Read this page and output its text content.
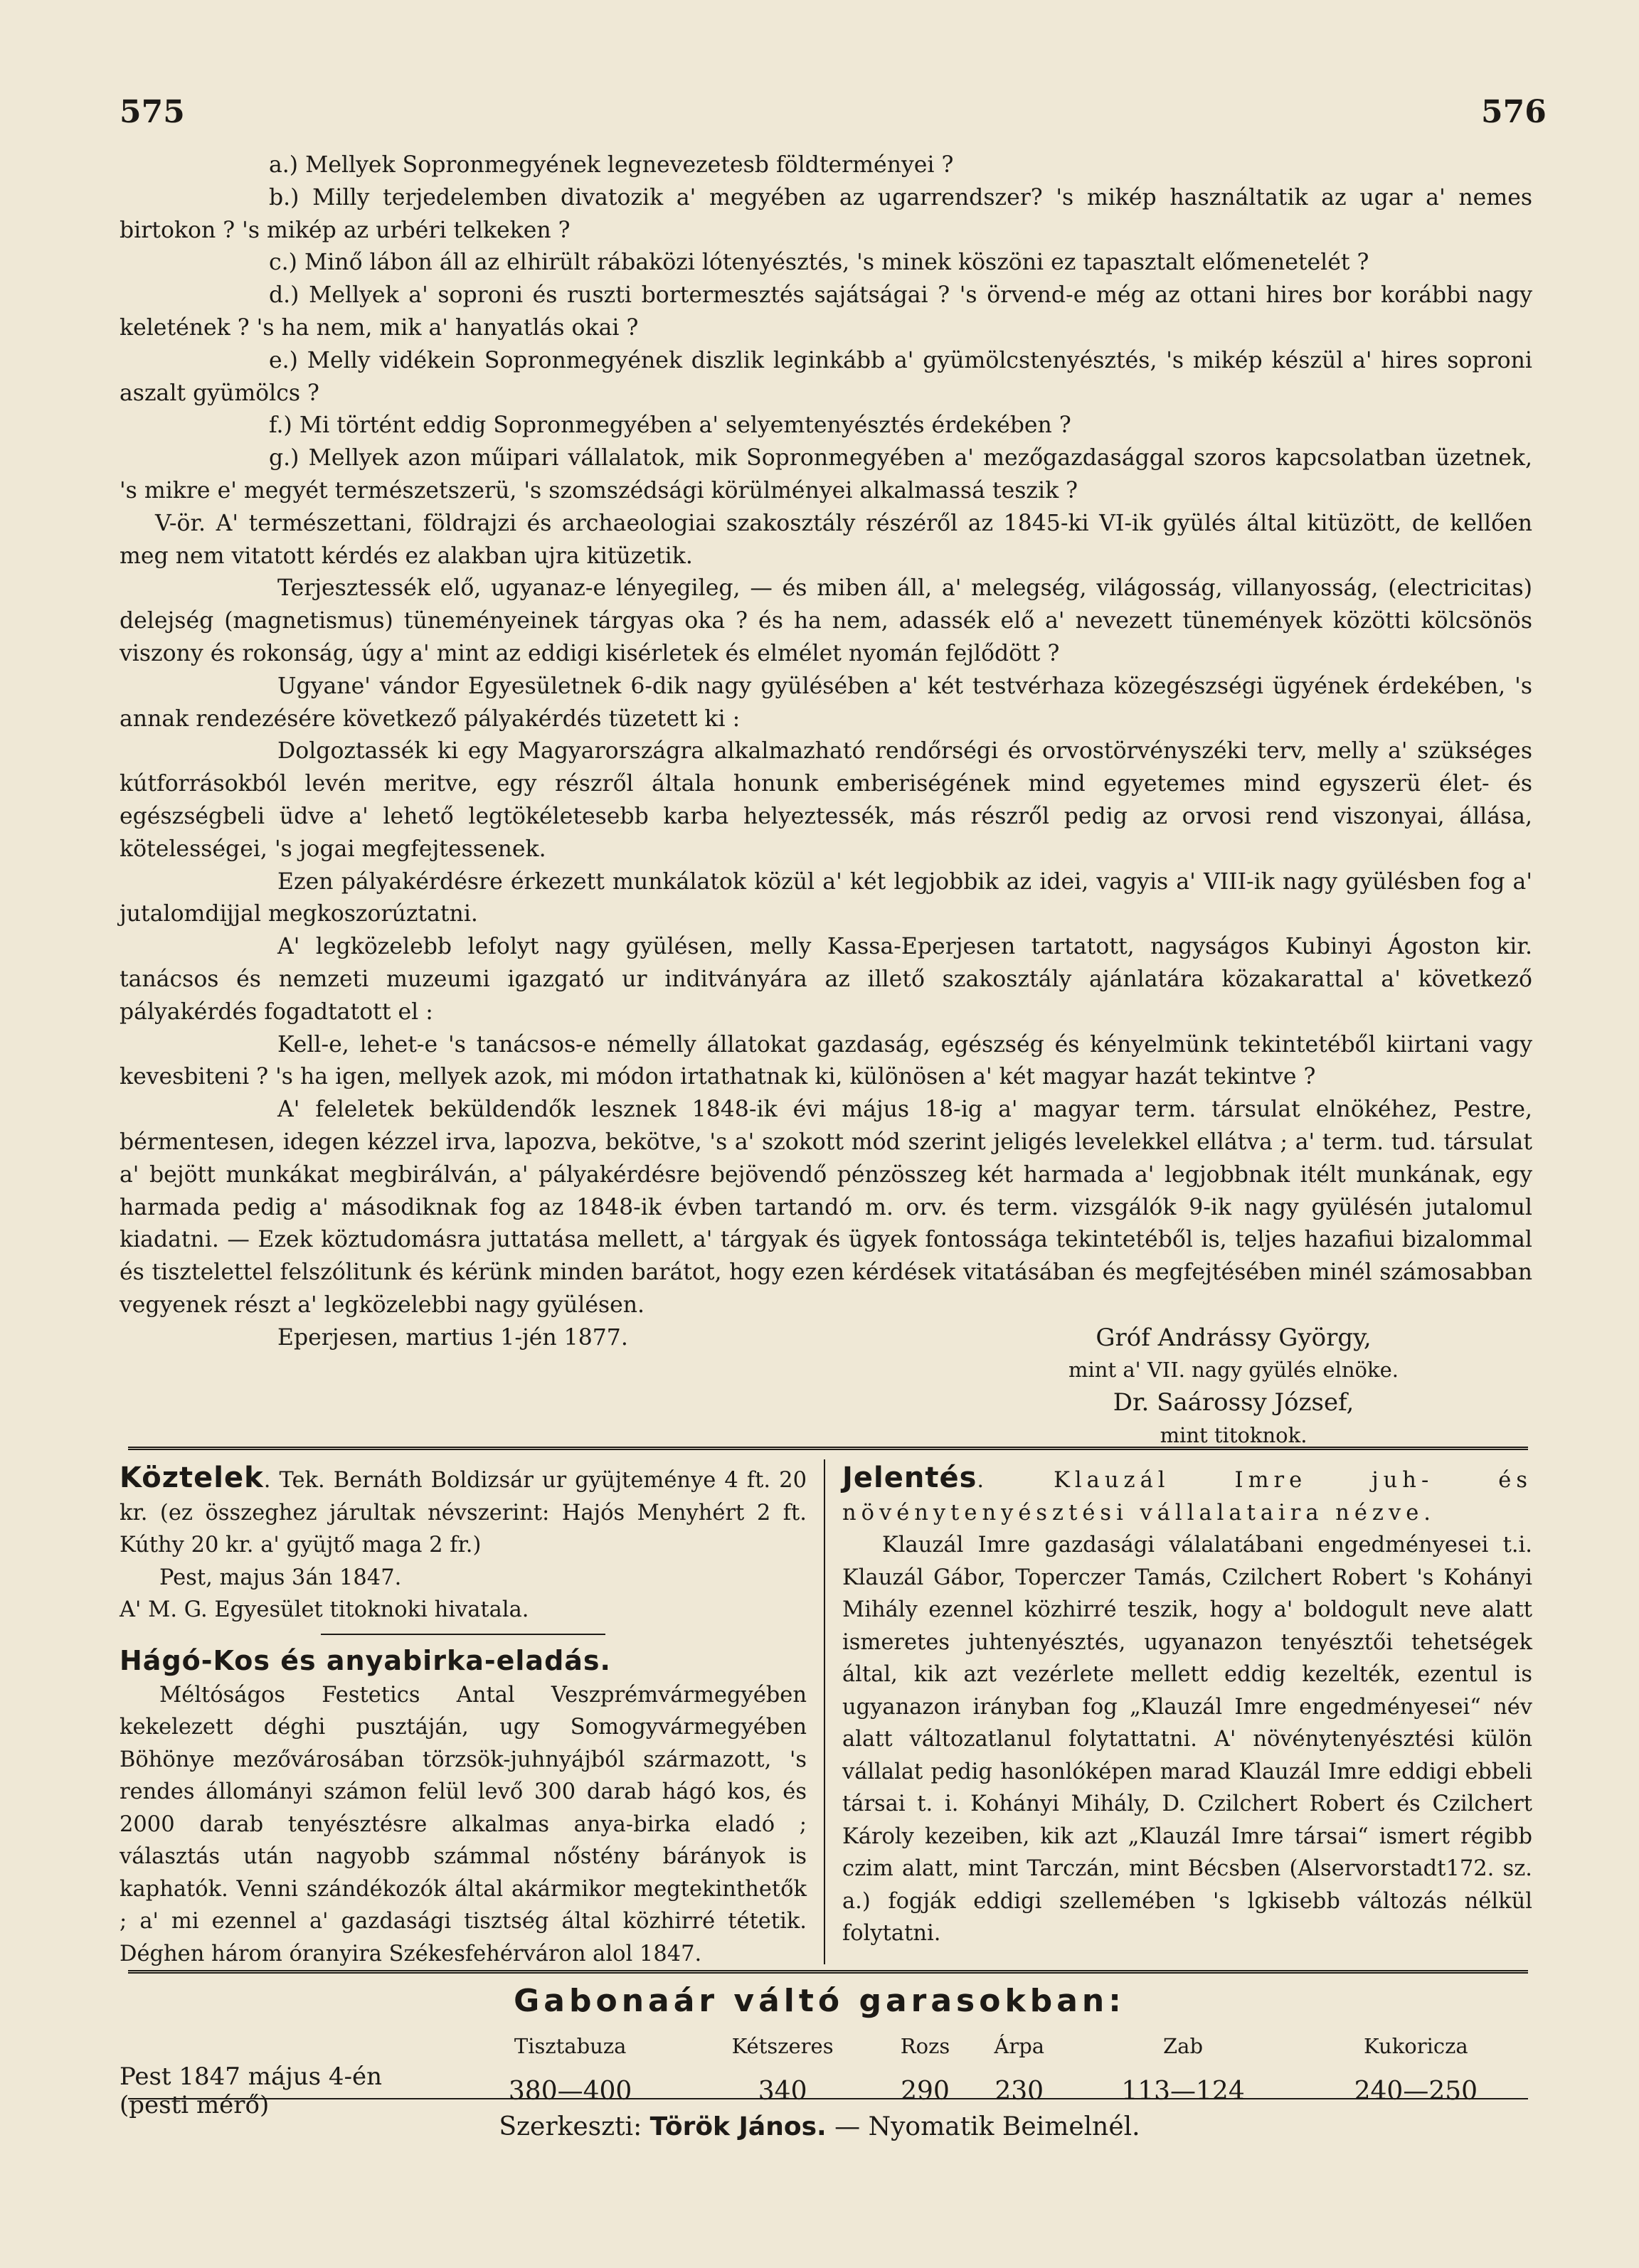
575	576

a.) Mellyek Sopronmegyének legnevezetesb földterményei ?

b.) Milly terjedelemben divatozik a' megyében az ugarrendszer? 's mikép használtatik az ugar a' nemes birtokon ? 's mikép az urbéri telkeken ?

c.) Minő lábon áll az elhirült rábaközi lótenyésztés, 's minek köszöni ez tapasztalt előmenetelét ?

d.) Mellyek a' soproni és ruszti bortermesztés sajátságai ? 's örvend-e még az ottani hires bor korábbi nagy keletének ? 's ha nem, mik a' hanyatlás okai ?

e.) Melly vidékein Sopronmegyének diszlik leginkább a' gyümölcstenyésztés, 's mikép készül a' hires soproni aszalt gyümölcs ?

f.) Mi történt eddig Sopronmegyében a' selyemtenyésztés érdekében ?

g.) Mellyek azon műipari vállalatok, mik Sopronmegyében a' mezőgazdasággal szoros kapcsolatban üzetnek, 's mikre e' megyét természetszerü, 's szomszédsági körülményei alkalmassá teszik ?

V-ör. A' természettani, földrajzi és archaeologiai szakosztály részéről az 1845-ki VI-ik gyülés által kitüzött, de kellően meg nem vitatott kérdés ez alakban ujra kitüzetik.

Terjesztessék elő, ugyanaz-e lényegileg, — és miben áll, a' melegség, világosság, villanyosság, (electricitas) delejség (magnetismus) tüneményeinek tárgyas oka ? és ha nem, adassék elő a' nevezett tünemények közötti kölcsönös viszony és rokonság, úgy a' mint az eddigi kisérletek és elmélet nyomán fejlődött ?

Ugyane' vándor Egyesületnek 6-dik nagy gyülésében a' két testvérhaza közegészségi ügyének érdekében, 's annak rendezésére következő pályakérdés tüzetett ki :

Dolgoztassék ki egy Magyarországra alkalmazható rendőrségi és orvostörvényszéki terv, melly a' szükséges kútforrásokból levén meritve, egy részről általa honunk emberiségének mind egyetemes mind egyszerü élet- és egészségbeli üdve a' lehető legtökéletesebb karba helyeztessék, más részről pedig az orvosi rend viszonyai, állása, kötelességei, 's jogai megfejtessenek.

Ezen pályakérdésre érkezett munkálatok közül a' két legjobbik az idei, vagyis a' VIII-ik nagy gyülésben fog a' jutalomdijjal megkoszorúztatni.

A' legközelebb lefolyt nagy gyülésen, melly Kassa-Eperjesen tartatott, nagyságos Kubinyi Ágoston kir. tanácsos és nemzeti muzeumi igazgató ur inditványára az illető szakosztály ajánlatára közakarattal a' következő pályakérdés fogadtatott el :

Kell-e, lehet-e 's tanácsos-e némelly állatokat gazdaság, egészség és kényelmünk tekintetéből kiirtani vagy kevesbiteni ? 's ha igen, mellyek azok, mi módon irtathatnak ki, különösen a' két magyar hazát tekintve ?

A' feleletek beküldendők lesznek 1848-ik évi május 18-ig a' magyar term. társulat elnökéhez, Pestre, bérmentesen, idegen kézzel irva, lapozva, bekötve, 's a' szokott mód szerint jeligés levelekkel ellátva ; a' term. tud. társulat a' bejött munkákat megbirálván, a' pályakérdésre bejövendő pénzösszeg két harmada a' legjobbnak itélt munkának, egy harmada pedig a' másodiknak fog az 1848-ik évben tartandó m. orv. és term. vizsgálók 9-ik nagy gyülésén jutalomul kiadatni. — Ezek köztudomásra juttatása mellett, a' tárgyak és ügyek fontossága tekintetéből is, teljes hazafiui bizalommal és tisztelettel felszólitunk és kérünk minden barátot, hogy ezen kérdések vitatásában és megfejtésében minél számosabban vegyenek részt a' legközelebbi nagy gyülésen.

Eperjesen, martius 1-jén 1877.	Gróf Andrássy György,
mint a' VII. nagy gyülés elnöke.
Dr. Saárossy József,
mint titoknok.

Köztelek. Tek. Bernáth Boldizsár ur gyüjteménye 4 ft. 20 kr. (ez összeghez járultak névszerint: Hajós Menyhért 2 ft. Kúthy 20 kr. a' gyüjtő maga 2 fr.)

Pest, majus 3án 1847.

A' M. G. Egyesület titoknoki hivatala.

Hágó-Kos és anyabirka-eladás.

Méltóságos Festetics Antal Veszprémvármegyében kekelezett déghi pusztáján, ugy Somogyvármegyében Böhönye mezővárosában törzsök-juhnyájból származott, 's rendes állományi számon felül levő 300 darab hágó kos, és 2000 darab tenyésztésre alkalmas anya-birka eladó ; választás után nagyobb számmal nőstény bárányok is kaphatók. Venni szándékozók által akármikor megtekinthetők ; a' mi ezennel a' gazdasági tisztség által közhirré tétetik. Déghen három óranyira Székesfehérváron alol 1847.

Jelentés. Klauzál Imre juh- és növénytenyésztési vállalataira nézve.

Klauzál Imre gazdasági válalatábani engedményesei t.i. Klauzál Gábor, Toperczer Tamás, Czilchert Robert 's Kohányi Mihály ezennel közhirré teszik, hogy a' boldogult neve alatt ismeretes juhtenyésztés, ugyanazon tenyésztői tehetségek által, kik azt vezérlete mellett eddig kezelték, ezentul is ugyanazon irányban fog „Klauzál Imre engedményesei“ név alatt változatlanul folytattatni. A' növénytenyésztési külön vállalat pedig hasonlóképen marad Klauzál Imre eddigi ebbeli társai t. i. Kohányi Mihály, D. Czilchert Robert és Czilchert Károly kezeiben, kik azt „Klauzál Imre társai“ ismert régibb czim alatt, mint Tarczán, mint Bécsben (Alservorstadt172. sz. a.) fogják eddigi szellemében 's lgkisebb változás nélkül folytatni.

Gabonaár váltó garasokban:
	Tisztabuza	Kétszeres	Rozs	Árpa	Zab	Kukoricza
Pest 1847 május 4-én (pesti mérő)	380—400	340	290	230	113—124	240—250
Szerkeszti: Török János. — Nyomatik Beimelnél.
